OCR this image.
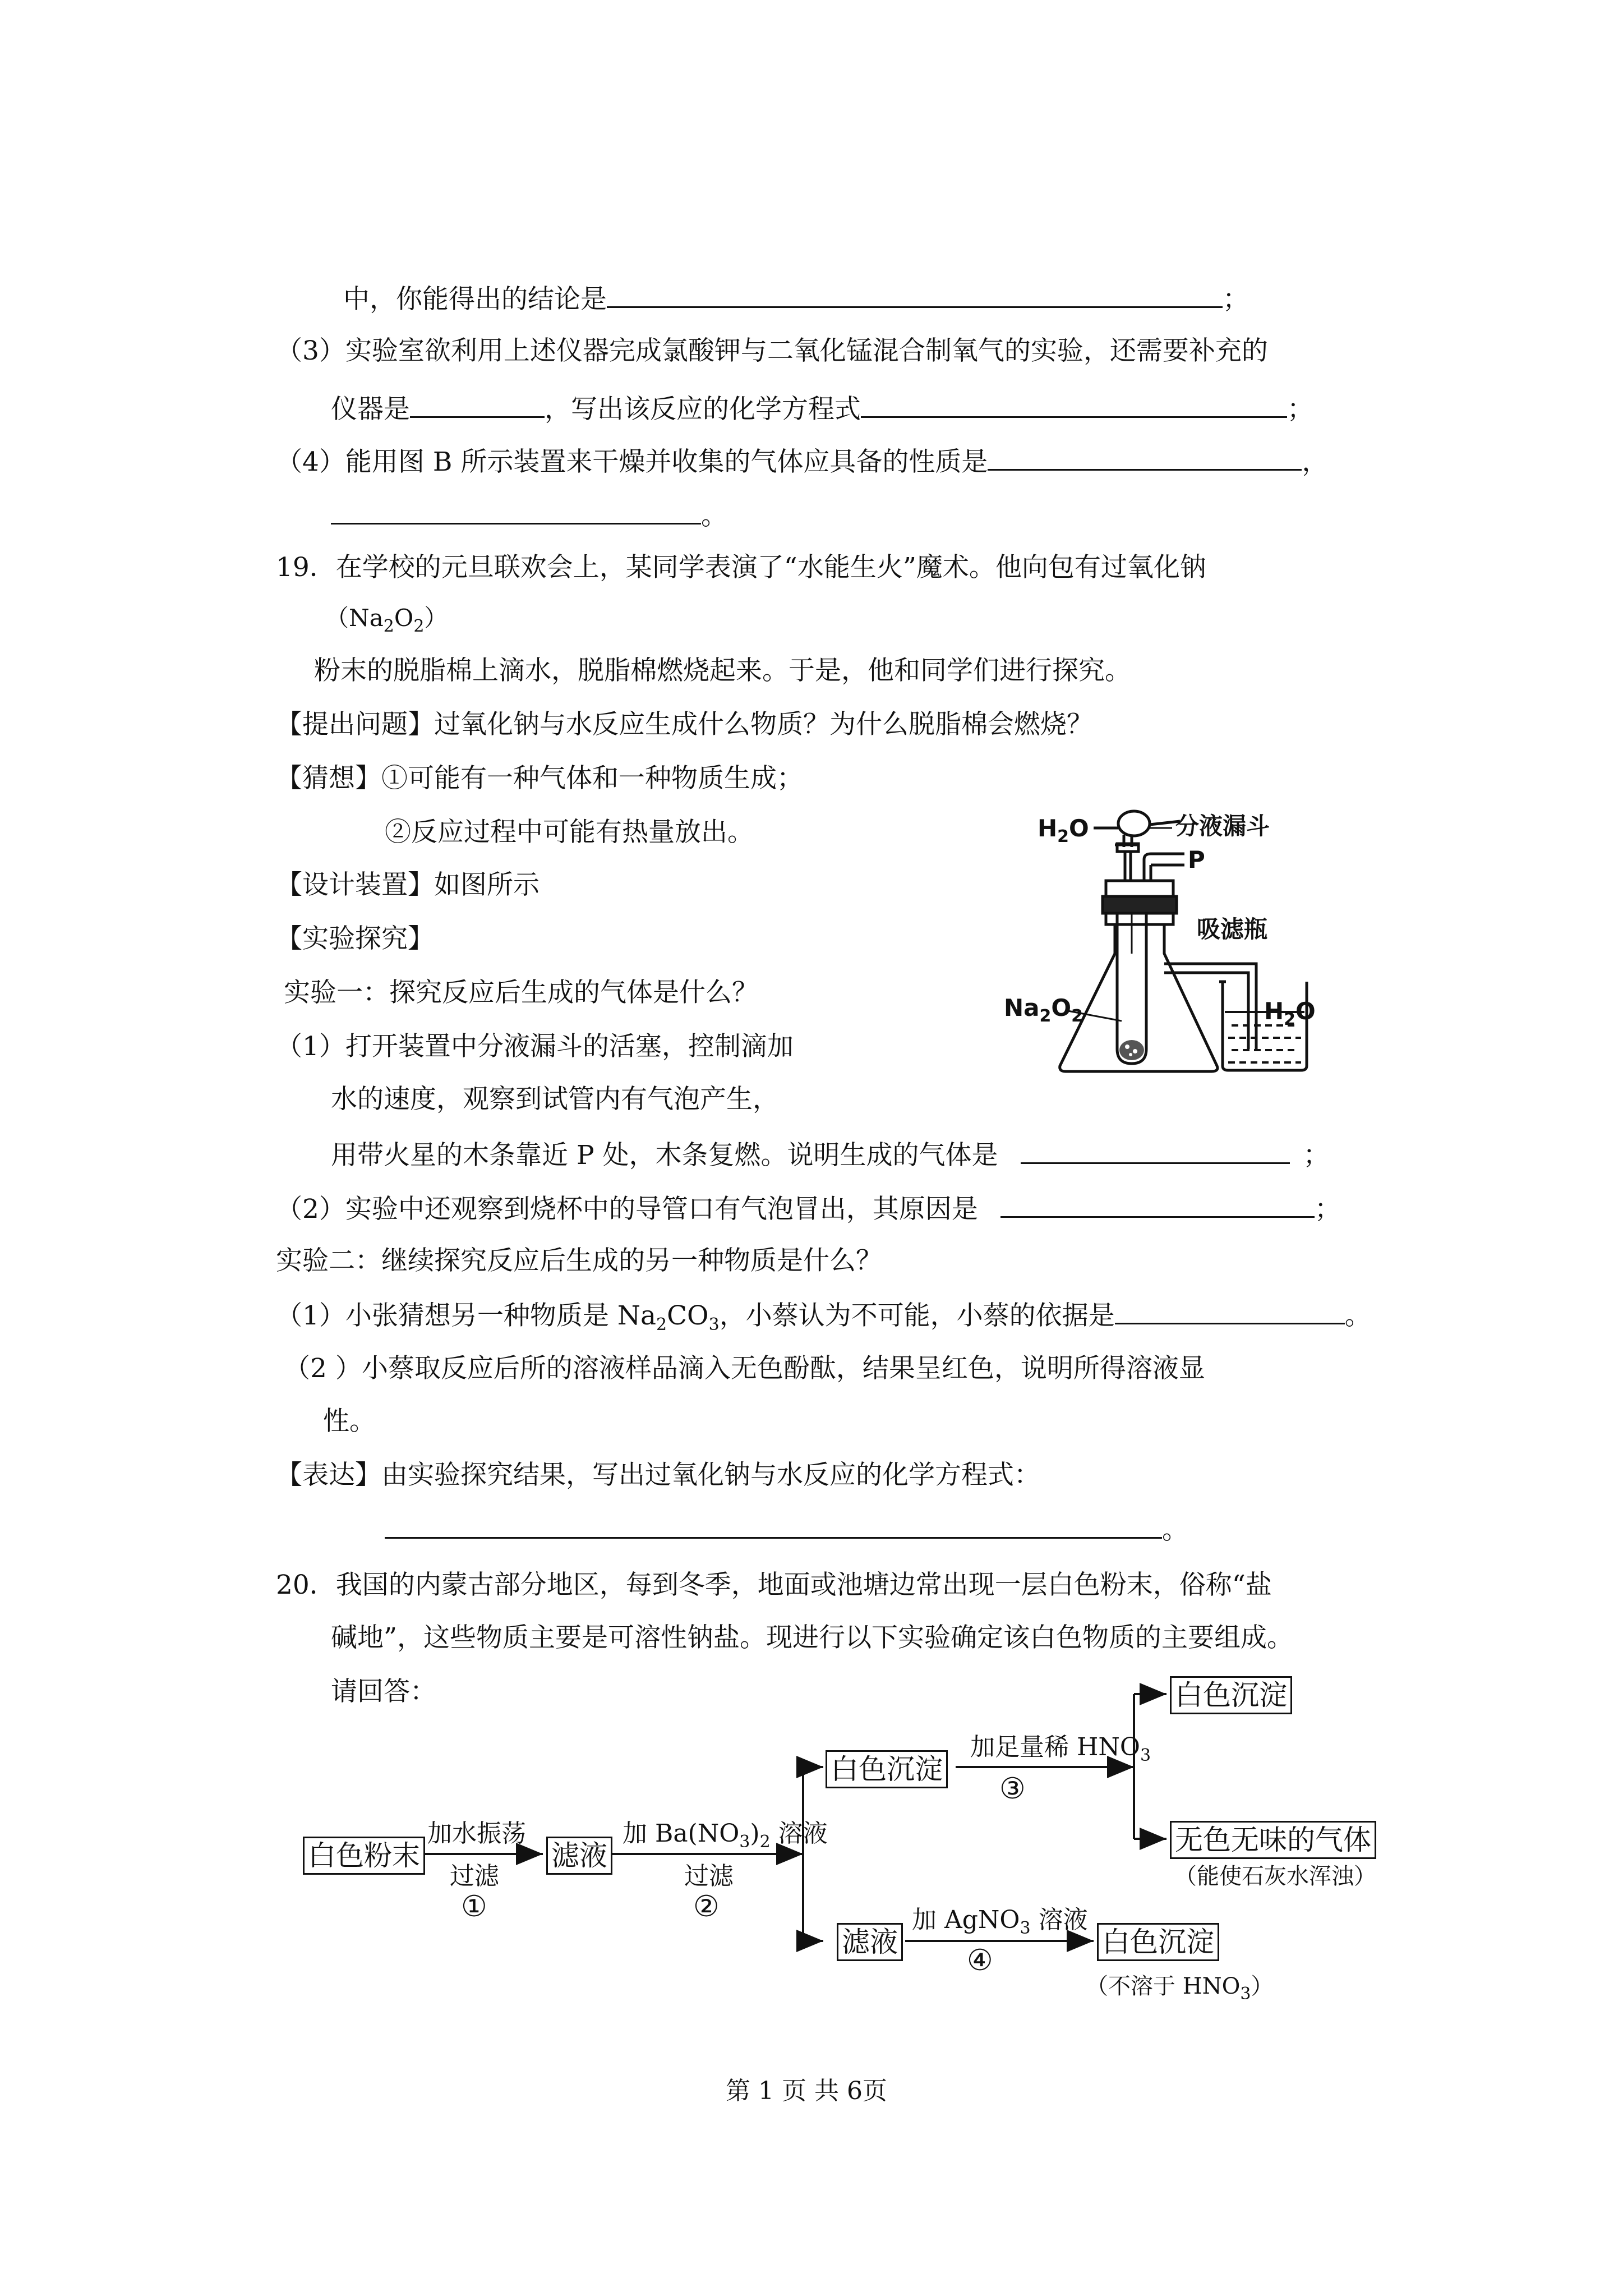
中，你能得出的结论是	；
（3）实验室欲利用上述仪器完成氯酸钾与二氧化锰混合制氧气的实验，还需要补充的
仪器是	，写出该反应的化学方程式	；
（4）能用图 B 所示装置来干燥并收集的气体应具备的性质是	，
。
19．在学校的元旦联欢会上，某同学表演了“水能生火”魔术。他向包有过氧化钠
$(Na_2O_2)$
粉末的脱脂棉上滴水，脱脂棉燃烧起来。于是，他和同学们进行探究。
【提出问题】过氧化钠与水反应生成什么物质？为什么脱脂棉会燃烧？
【猜想】①可能有一种气体和一种物质生成；
②反应过程中可能有热量放出。
【设计装置】如图所示
【实验探究】
实验一：探究反应后生成的气体是什么？
（1）打开装置中分液漏斗的活塞，控制滴加
水的速度，观察到试管内有气泡产生，
用带火星的木条靠近 P 处，木条复燃。说明生成的气体是	；
（2）实验中还观察到烧杯中的导管口有气泡冒出，其原因是	；
实验二：继续探究反应后生成的另一种物质是什么？
（1）小张猜想另一种物质是 $Na_2CO_3$，小蔡认为不可能，小蔡的依据是	。
（2 ）小蔡取反应后所的溶液样品滴入无色酚酞，结果呈红色，说明所得溶液显
性。
【表达】由实验探究结果，写出过氧化钠与水反应的化学方程式：
。
$H_2O$	分液漏斗
P
吸滤瓶
$Na_2O_2$	$H_2O$
20．我国的内蒙古部分地区，每到冬季，地面或池塘边常出现一层白色粉末，俗称“盐
碱地”，这些物质主要是可溶性钠盐。现进行以下实验确定该白色物质的主要组成。
请回答：
白色粉末
加水振荡
过滤
①
滤液
加 $Ba(NO_3)_2$ 溶液
过滤
②
白色沉淀
加足量稀 $HNO_3$
③
白色沉淀
无色无味的气体
（能使石灰水浑浊）
滤液
加 AgNO$_3$ 溶液
④
白色沉淀
（不溶于 $HNO_3$）
第 1 页 共 6页
